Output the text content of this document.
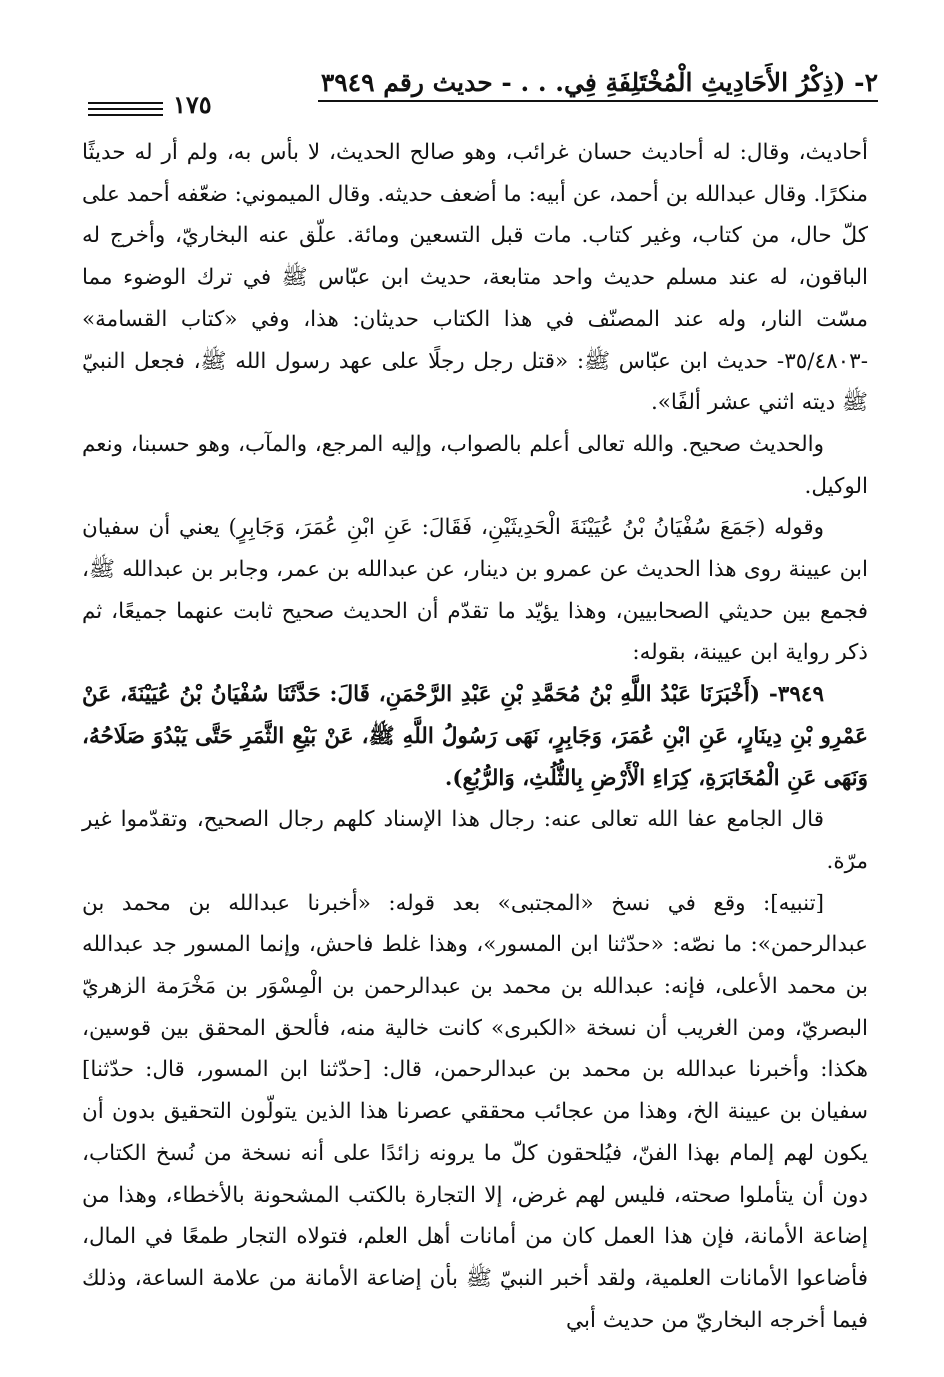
٢- (ذِكْرُ الأَحَادِيثِ الْمُخْتَلِفَةِ فِي. . . - حديث رقم ٣٩٤٩
١٧٥

أحاديث، وقال: له أحاديث حسان غرائب، وهو صالح الحديث، لا بأس به، ولم أر له حديثًا منكرًا. وقال عبدالله بن أحمد، عن أبيه: ما أضعف حديثه. وقال الميموني: ضعّفه أحمد على كلّ حال، من كتاب، وغير كتاب. مات قبل التسعين ومائة. علّق عنه البخاريّ، وأخرج له الباقون، له عند مسلم حديث واحد متابعة، حديث ابن عبّاس ﷺ في ترك الوضوء مما مسّت النار، وله عند المصنّف في هذا الكتاب حديثان: هذا، وفي «كتاب القسامة» -٣٥/٤٨٠٣- حديث ابن عبّاس ﷺ: «قتل رجل رجلًا على عهد رسول الله ﷺ، فجعل النبيّ ﷺ ديته اثني عشر ألفًا».

والحديث صحيح. والله تعالى أعلم بالصواب، وإليه المرجع، والمآب، وهو حسبنا، ونعم الوكيل.

وقوله (جَمَعَ سُفْيَانُ بْنُ عُيَيْنَةَ الْحَدِيثَيْنِ، فَقَالَ: عَنِ ابْنِ عُمَرَ، وَجَابِرٍ) يعني أن سفيان ابن عيينة روى هذا الحديث عن عمرو بن دينار، عن عبدالله بن عمر، وجابر بن عبدالله ﷺ، فجمع بين حديثي الصحابيين، وهذا يؤيّد ما تقدّم أن الحديث صحيح ثابت عنهما جميعًا، ثم ذكر رواية ابن عيينة، بقوله:

٣٩٤٩- (أَخْبَرَنَا عَبْدُ اللَّهِ بْنُ مُحَمَّدِ بْنِ عَبْدِ الرَّحْمَنِ، قَالَ: حَدَّثَنَا سُفْيَانُ بْنُ عُيَيْنَةَ، عَنْ عَمْرِو بْنِ دِينَارٍ، عَنِ ابْنِ عُمَرَ، وَجَابِرٍ، نَهَى رَسُولُ اللَّهِ ﷺ، عَنْ بَيْعِ الثَّمَرِ حَتَّى يَبْدُوَ صَلَاحُهُ، وَنَهَى عَنِ الْمُخَابَرَةِ، كِرَاءِ الْأَرْضِ بِالثُّلُثِ، وَالرُّبُعِ).

قال الجامع عفا الله تعالى عنه: رجال هذا الإسناد كلهم رجال الصحيح، وتقدّموا غير مرّة.

[تنبيه]: وقع في نسخ «المجتبى» بعد قوله: «أخبرنا عبدالله بن محمد بن عبدالرحمن»: ما نصّه: «حدّثنا ابن المسور»، وهذا غلط فاحش، وإنما المسور جد عبدالله بن محمد الأعلى، فإنه: عبدالله بن محمد بن عبدالرحمن بن الْمِسْوَر بن مَخْرَمة الزهريّ البصريّ، ومن الغريب أن نسخة «الكبرى» كانت خالية منه، فألحق المحقق بين قوسين، هكذا: وأخبرنا عبدالله بن محمد بن عبدالرحمن، قال: [حدّثنا ابن المسور، قال: حدّثنا] سفيان بن عيينة الخ، وهذا من عجائب محققي عصرنا هذا الذين يتولّون التحقيق بدون أن يكون لهم إلمام بهذا الفنّ، فيُلحقون كلّ ما يرونه زائدًا على أنه نسخة من نُسخ الكتاب، دون أن يتأملوا صحته، فليس لهم غرض، إلا التجارة بالكتب المشحونة بالأخطاء، وهذا من إضاعة الأمانة، فإن هذا العمل كان من أمانات أهل العلم، فتولاه التجار طمعًا في المال، فأضاعوا الأمانات العلمية، ولقد أخبر النبيّ ﷺ بأن إضاعة الأمانة من علامة الساعة، وذلك فيما أخرجه البخاريّ من حديث أبي
